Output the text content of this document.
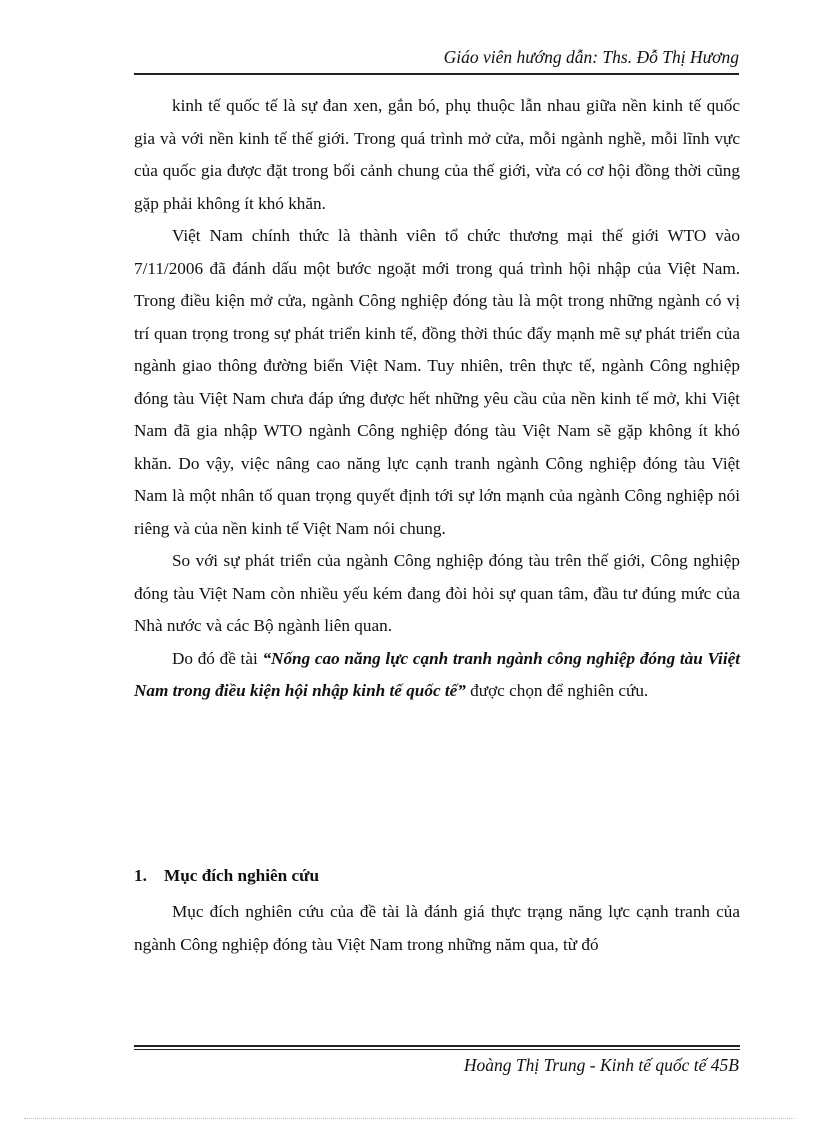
Giáo viên hướng dẫn: Ths. Đỗ Thị Hương

kinh tế quốc tế là sự đan xen, gắn bó, phụ thuộc lẫn nhau giữa nền kinh tế quốc gia và với nền kinh tế thế giới. Trong quá trình mở cửa, mỗi ngành nghề, mỗi lĩnh vực của quốc gia được đặt trong bối cảnh chung của thế giới, vừa có cơ hội đồng thời cũng gặp phải không ít khó khăn.

Việt Nam chính thức là thành viên tổ chức thương mại thế giới WTO vào 7/11/2006 đã đánh dấu một bước ngoặt mới trong quá trình hội nhập của Việt Nam. Trong điều kiện mở cửa, ngành Công nghiệp đóng tàu là một trong những ngành có vị trí quan trọng trong sự phát triển kinh tế, đồng thời thúc đẩy mạnh mẽ sự phát triển của ngành giao thông đường biển Việt Nam. Tuy nhiên, trên thực tế, ngành Công nghiệp đóng tàu Việt Nam chưa đáp ứng được hết những yêu cầu của nền kinh tế mở, khi Việt Nam đã gia nhập WTO ngành Công nghiệp đóng tàu Việt Nam sẽ gặp không ít khó khăn. Do vậy, việc nâng cao năng lực cạnh tranh ngành Công nghiệp đóng tàu Việt Nam là một nhân tố quan trọng quyết định tới sự lớn mạnh của ngành Công nghiệp nói riêng và của nền kinh tế Việt Nam nói chung.

So với sự phát triển của ngành Công nghiệp đóng tàu trên thế giới, Công nghiệp đóng tàu Việt Nam còn nhiều yếu kém đang đòi hỏi sự quan tâm, đầu tư đúng mức của Nhà nước và các Bộ ngành liên quan.

Do đó đề tài “Nống cao năng lực cạnh tranh ngành công nghiệp đóng tàu Viiệt Nam trong điều kiện hội nhập kinh tế quốc tế” được chọn để nghiên cứu.

1. Mục đích nghiên cứu

Mục đích nghiên cứu của đề tài là đánh giá thực trạng năng lực cạnh tranh của ngành Công nghiệp đóng tàu Việt Nam trong những năm qua, từ đó

Hoàng Thị Trung - Kinh tế quốc tế 45B
